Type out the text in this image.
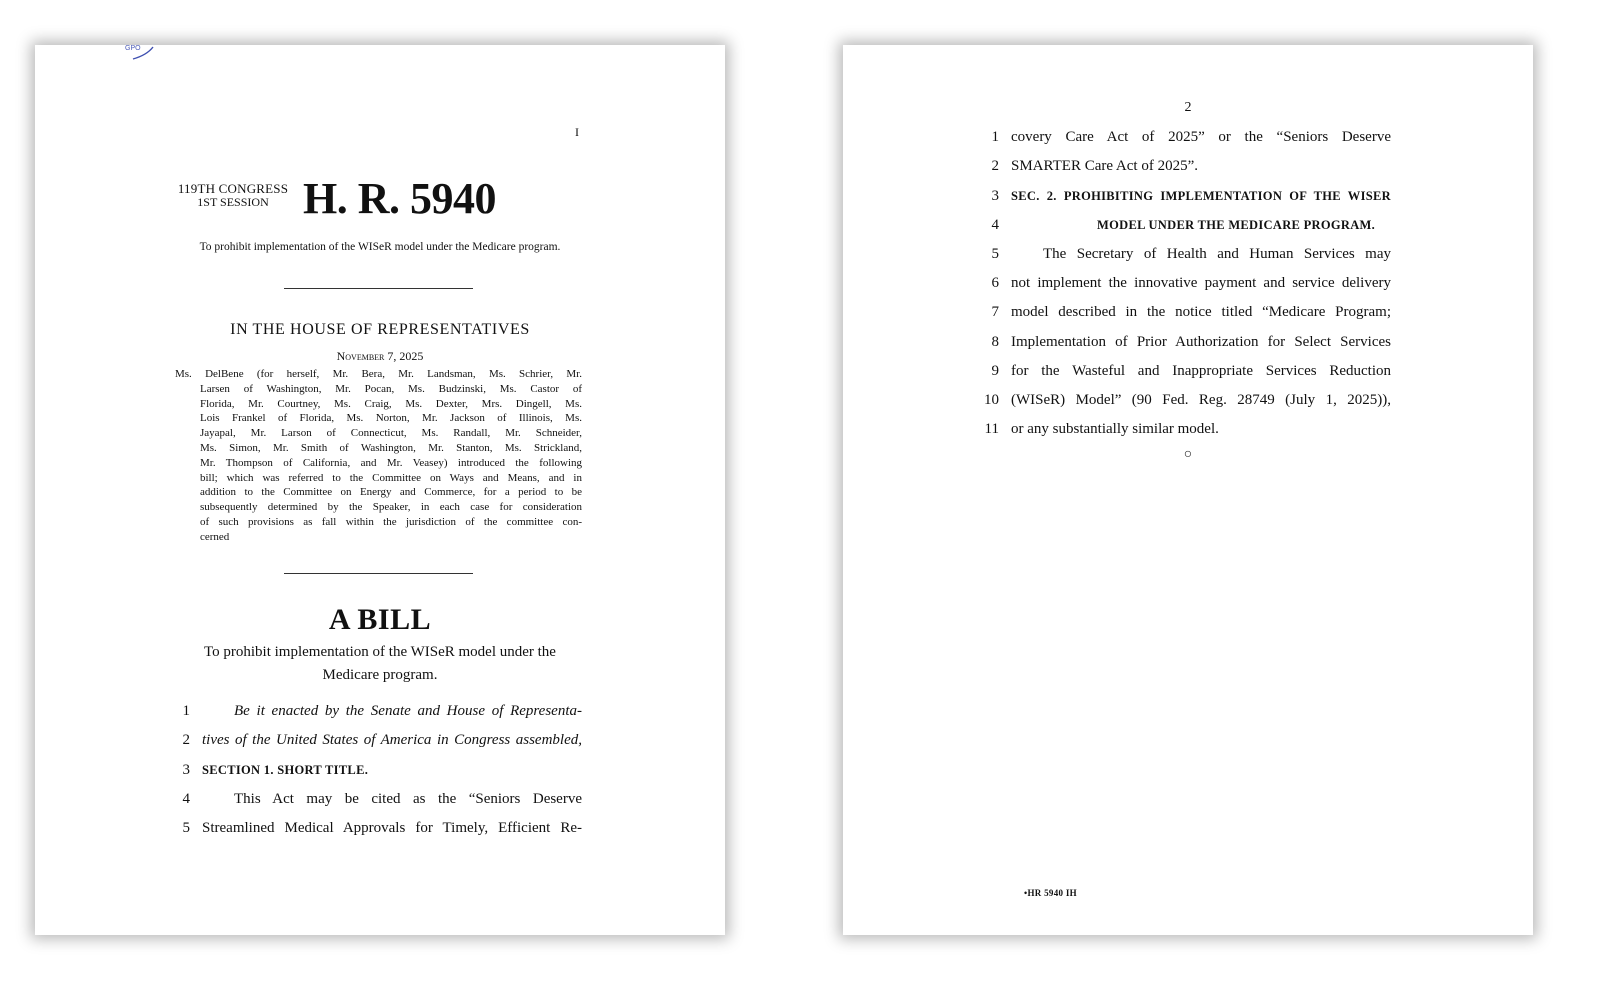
GPO
I
119TH CONGRESS
1ST SESSION H. R. 5940
To prohibit implementation of the WISeR model under the Medicare program.
IN THE HOUSE OF REPRESENTATIVES
November 7, 2025
Ms. DelBene (for herself, Mr. Bera, Mr. Landsman, Ms. Schrier, Mr.
Larsen of Washington, Mr. Pocan, Ms. Budzinski, Ms. Castor of
Florida, Mr. Courtney, Ms. Craig, Ms. Dexter, Mrs. Dingell, Ms.
Lois Frankel of Florida, Ms. Norton, Mr. Jackson of Illinois, Ms.
Jayapal, Mr. Larson of Connecticut, Ms. Randall, Mr. Schneider,
Ms. Simon, Mr. Smith of Washington, Mr. Stanton, Ms. Strickland,
Mr. Thompson of California, and Mr. Veasey) introduced the following
bill; which was referred to the Committee on Ways and Means, and in
addition to the Committee on Energy and Commerce, for a period to be
subsequently determined by the Speaker, in each case for consideration
of such provisions as fall within the jurisdiction of the committee con-
cerned
A BILL
To prohibit implementation of the WISeR model under the
Medicare program.
1	Be it enacted by the Senate and House of Representa-
2 tives of the United States of America in Congress assembled,
3 SECTION 1. SHORT TITLE.
4	This Act may be cited as the “Seniors Deserve
5 Streamlined Medical Approvals for Timely, Efficient Re-
2
1 covery Care Act of 2025” or the “Seniors Deserve
2 SMARTER Care Act of 2025”.
3 SEC. 2. PROHIBITING IMPLEMENTATION OF THE WISER
4	MODEL UNDER THE MEDICARE PROGRAM.
5	The Secretary of Health and Human Services may
6 not implement the innovative payment and service delivery
7 model described in the notice titled “Medicare Program;
8 Implementation of Prior Authorization for Select Services
9 for the Wasteful and Inappropriate Services Reduction
10 (WISeR) Model” (90 Fed. Reg. 28749 (July 1, 2025)),
11 or any substantially similar model.
○
•HR 5940 IH
